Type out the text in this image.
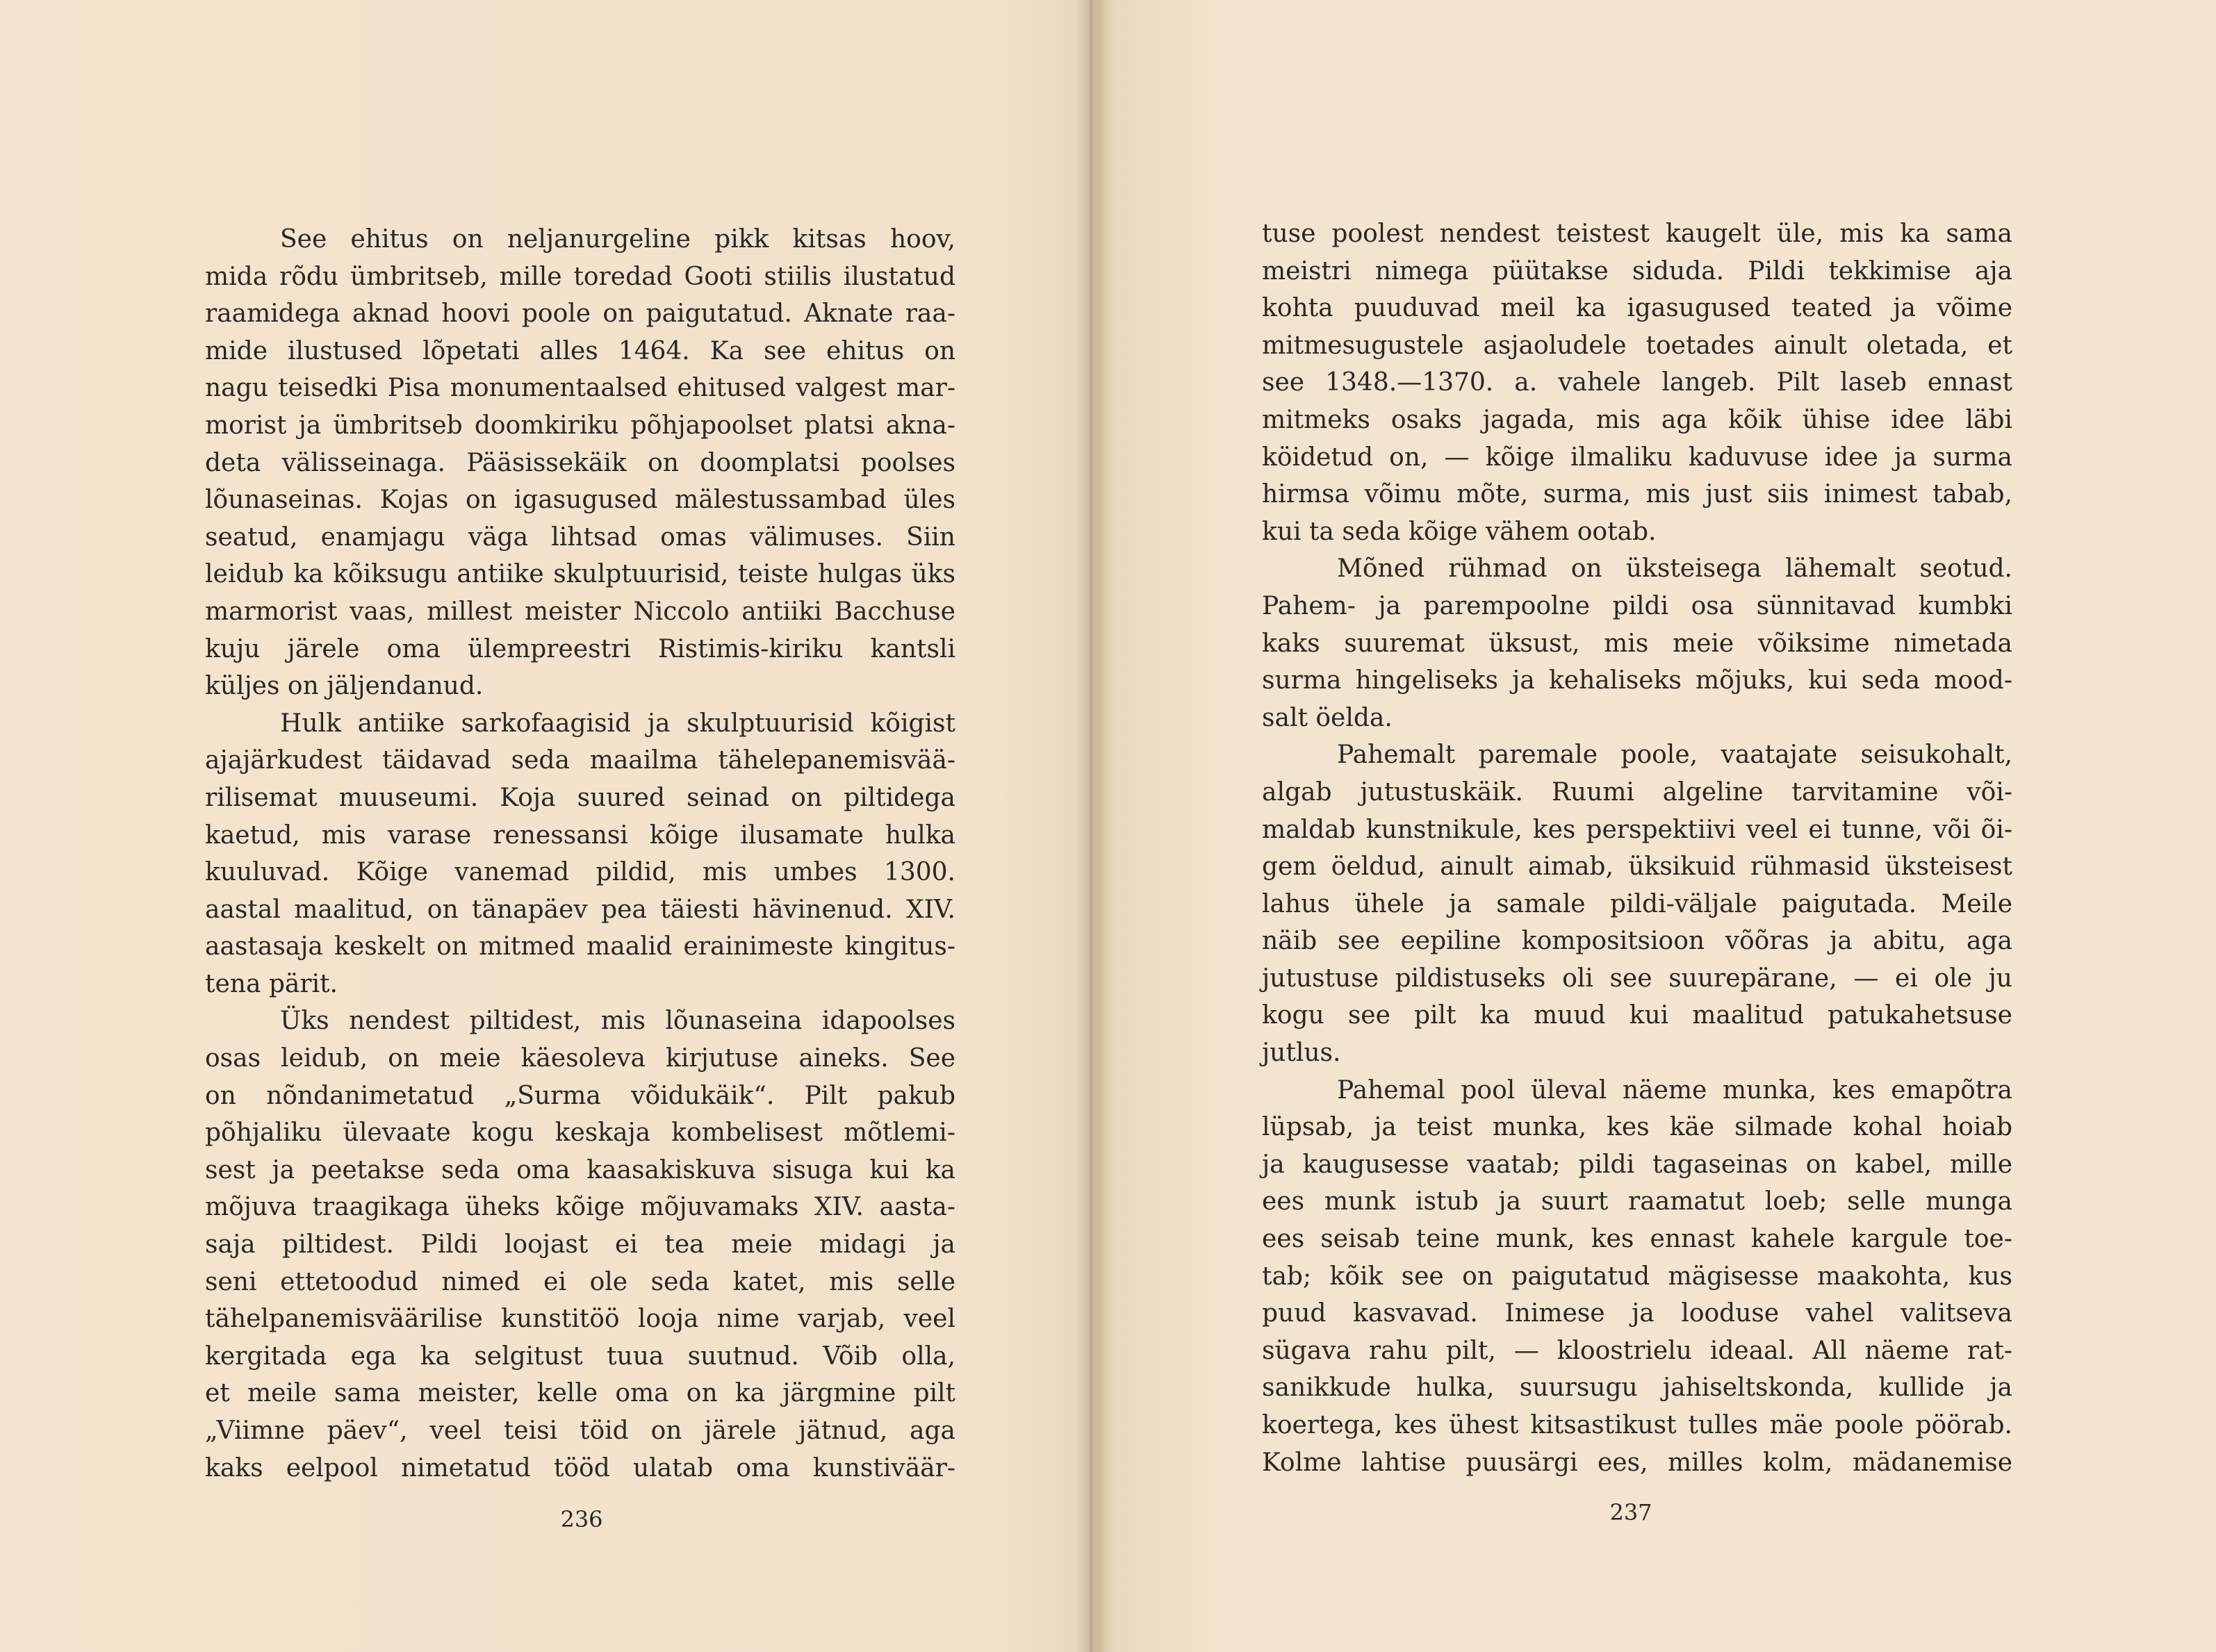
See ehitus on neljanurgeline pikk kitsas hoov,
mida rõdu ümbritseb, mille toredad Gooti stiilis ilustatud
raamidega aknad hoovi poole on paigutatud. Aknate raa-
mide ilustused lõpetati alles 1464. Ka see ehitus on
nagu teisedki Pisa monumentaalsed ehitused valgest mar-
morist ja ümbritseb doomkiriku põhjapoolset platsi akna-
deta välisseinaga. Pääsissekäik on doomplatsi poolses
lõunaseinas. Kojas on igasugused mälestussambad üles
seatud, enamjagu väga lihtsad omas välimuses. Siin
leidub ka kõiksugu antiike skulptuurisid, teiste hulgas üks
marmorist vaas, millest meister Niccolo antiiki Bacchuse
kuju järele oma ülempreestri Ristimis-kiriku kantsli
küljes on jäljendanud.
Hulk antiike sarkofaagisid ja skulptuurisid kõigist
ajajärkudest täidavad seda maailma tähelepanemisvää-
rilisemat muuseumi. Koja suured seinad on piltidega
kaetud, mis varase renessansi kõige ilusamate hulka
kuuluvad. Kõige vanemad pildid, mis umbes 1300.
aastal maalitud, on tänapäev pea täiesti hävinenud. XIV.
aastasaja keskelt on mitmed maalid erainimeste kingitus-
tena pärit.
Üks nendest piltidest, mis lõunaseina idapoolses
osas leidub, on meie käesoleva kirjutuse aineks. See
on nõndanimetatud „Surma võidukäik“. Pilt pakub
põhjaliku ülevaate kogu keskaja kombelisest mõtlemi-
sest ja peetakse seda oma kaasakiskuva sisuga kui ka
mõjuva traagikaga üheks kõige mõjuvamaks XIV. aasta-
saja piltidest. Pildi loojast ei tea meie midagi ja
seni ettetoodud nimed ei ole seda katet, mis selle
tähelpanemisväärilise kunstitöö looja nime varjab, veel
kergitada ega ka selgitust tuua suutnud. Võib olla,
et meile sama meister, kelle oma on ka järgmine pilt
„Viimne päev“, veel teisi töid on järele jätnud, aga
kaks eelpool nimetatud tööd ulatab oma kunstiväär-
236
tuse poolest nendest teistest kaugelt üle, mis ka sama
meistri nimega püütakse siduda. Pildi tekkimise aja
kohta puuduvad meil ka igasugused teated ja võime
mitmesugustele asjaoludele toetades ainult oletada, et
see 1348.—1370. a. vahele langeb. Pilt laseb ennast
mitmeks osaks jagada, mis aga kõik ühise idee läbi
köidetud on, — kõige ilmaliku kaduvuse idee ja surma
hirmsa võimu mõte, surma, mis just siis inimest tabab,
kui ta seda kõige vähem ootab.
Mõned rühmad on üksteisega lähemalt seotud.
Pahem- ja parempoolne pildi osa sünnitavad kumbki
kaks suuremat üksust, mis meie võiksime nimetada
surma hingeliseks ja kehaliseks mõjuks, kui seda mood-
salt öelda.
Pahemalt paremale poole, vaatajate seisukohalt,
algab jutustuskäik. Ruumi algeline tarvitamine või-
maldab kunstnikule, kes perspektiivi veel ei tunne, või õi-
gem öeldud, ainult aimab, üksikuid rühmasid üksteisest
lahus ühele ja samale pildi-väljale paigutada. Meile
näib see eepiline kompositsioon võõras ja abitu, aga
jutustuse pildistuseks oli see suurepärane, — ei ole ju
kogu see pilt ka muud kui maalitud patukahetsuse
jutlus.
Pahemal pool üleval näeme munka, kes emapõtra
lüpsab, ja teist munka, kes käe silmade kohal hoiab
ja kaugusesse vaatab; pildi tagaseinas on kabel, mille
ees munk istub ja suurt raamatut loeb; selle munga
ees seisab teine munk, kes ennast kahele kargule toe-
tab; kõik see on paigutatud mägisesse maakohta, kus
puud kasvavad. Inimese ja looduse vahel valitseva
sügava rahu pilt, — kloostrielu ideaal. All näeme rat-
sanikkude hulka, suursugu jahiseltskonda, kullide ja
koertega, kes ühest kitsastikust tulles mäe poole pöörab.
Kolme lahtise puusärgi ees, milles kolm, mädanemise
237
